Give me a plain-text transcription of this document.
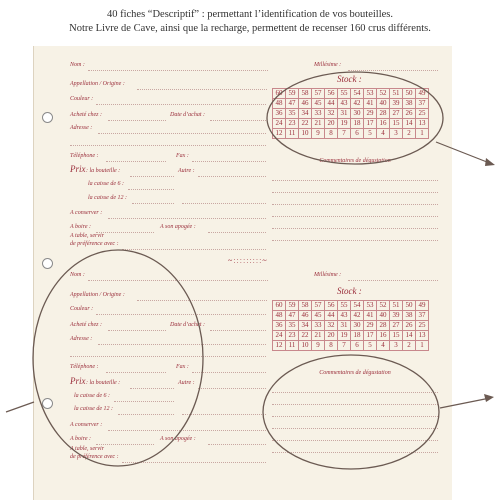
40 fiches “Descriptif” : permettant l’identification de vos bouteilles.
Notre Livre de Cave, ainsi que la recharge, permettent de recenser 160 crus différents.
Nom :	Millésime :
Appellation / Origine :	Stock :
Couleur :
Acheté chez :	Date d’achat :
Adresse :
Téléphone :	Fax :
Prix : la bouteille :	Autre :
la caisse de 6 :
la caisse de 12 :
A conserver :
A boire :	A son apogée :
A table, servir
de préférence avec :
60	59	58	57	56	55	54	53	52	51	50	49
48	47	46	45	44	43	42	41	40	39	38	37
36	35	34	33	32	31	30	29	28	27	26	25
24	23	22	21	20	19	18	17	16	15	14	13
12	11	10	9	8	7	6	5	4	3	2	1
Commentaires de dégustation
~ːːːːːːːːː~
Nom :	Millésime :
Appellation / Origine :	Stock :
Couleur :
Acheté chez :	Date d’achat :
Adresse :
Téléphone :	Fax :
Prix : la bouteille :	Autre :
la caisse de 6 :
la caisse de 12 :
A conserver :
A boire :	A son apogée :
A table, servir
de préférence avec :
60	59	58	57	56	55	54	53	52	51	50	49
48	47	46	45	44	43	42	41	40	39	38	37
36	35	34	33	32	31	30	29	28	27	26	25
24	23	22	21	20	19	18	17	16	15	14	13
12	11	10	9	8	7	6	5	4	3	2	1
Commentaires de dégustation
